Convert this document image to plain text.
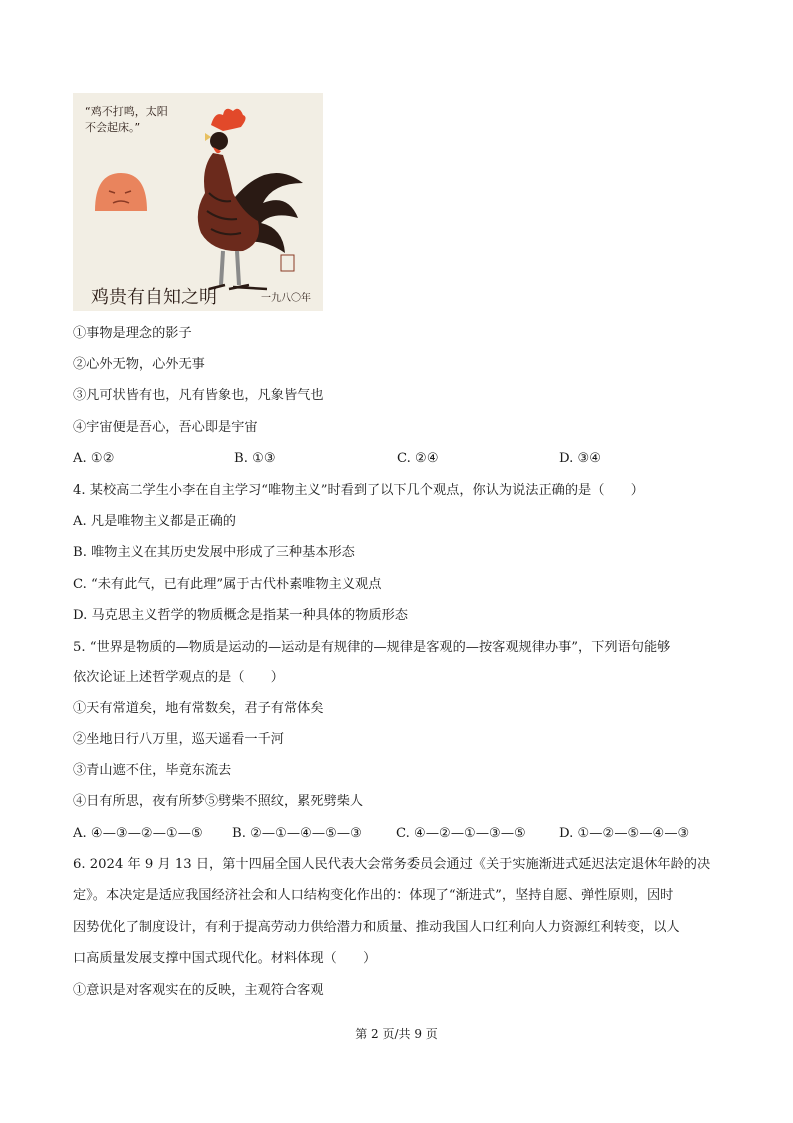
“鸡不打鸣，太阳
不会起床。”
鸡贵有自知之明	一九八〇年
①事物是理念的影子
②心外无物，心外无事
③凡可状皆有也，凡有皆象也，凡象皆气也
④宇宙便是吾心，吾心即是宇宙
A. ①②	B. ①③	C. ②④	D. ③④
4. 某校高二学生小李在自主学习“唯物主义”时看到了以下几个观点，你认为说法正确的是（　　）
A. 凡是唯物主义都是正确的
B. 唯物主义在其历史发展中形成了三种基本形态
C. “未有此气，已有此理”属于古代朴素唯物主义观点
D. 马克思主义哲学的物质概念是指某一种具体的物质形态
5. “世界是物质的—物质是运动的—运动是有规律的—规律是客观的—按客观规律办事”，下列语句能够
依次论证上述哲学观点的是（　　）
①天有常道矣，地有常数矣，君子有常体矣
②坐地日行八万里，巡天遥看一千河
③青山遮不住，毕竟东流去
④日有所思，夜有所梦⑤劈柴不照纹，累死劈柴人
A. ④—③—②—①—⑤ B. ②—①—④—⑤—③	C. ④—②—①—③—⑤	D. ①—②—⑤—④—③
6. 2024 年 9 月 13 日，第十四届全国人民代表大会常务委员会通过《关于实施渐进式延迟法定退休年龄的决
定》。本决定是适应我国经济社会和人口结构变化作出的：体现了“渐进式”，坚持自愿、弹性原则，因时
因势优化了制度设计，有利于提高劳动力供给潜力和质量、推动我国人口红利向人力资源红利转变，以人
口高质量发展支撑中国式现代化。材料体现（　　）
①意识是对客观实在的反映，主观符合客观
第 2 页/共 9 页
